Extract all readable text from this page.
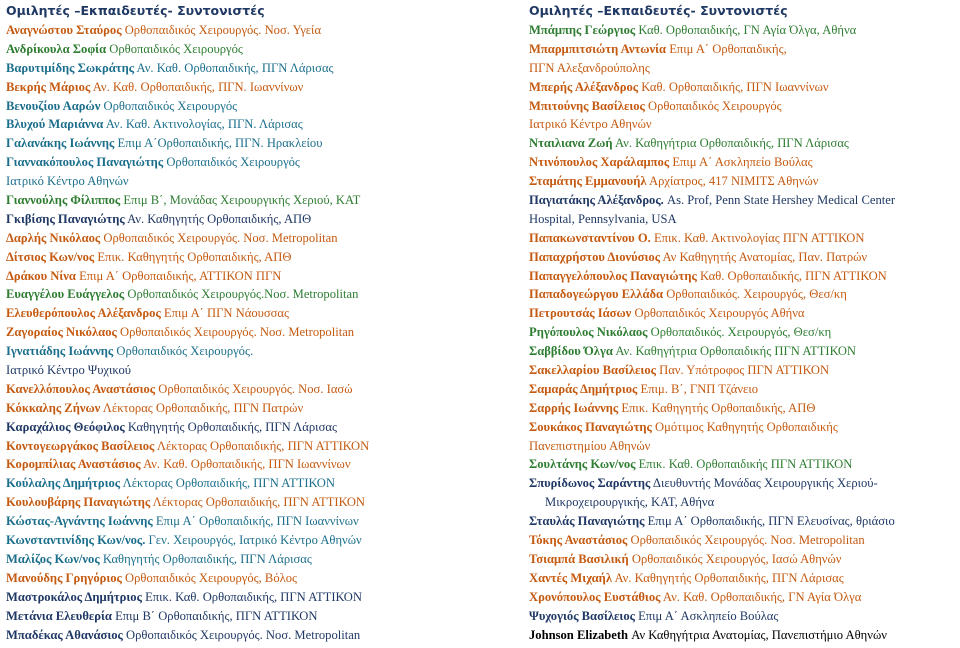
Ομιλητές –Εκπαιδευτές- Συντονιστές
Αναγνώστου Σταύρος Ορθοπαιδικός Χειρουργός. Νοσ. Υγεία
Ανδρίκουλα Σοφία Ορθοπαιδικός Χειρουργός
Βαρυτιμίδης Σωκράτης Αν. Καθ. Ορθοπαιδικής, ΠΓΝ Λάρισας
Βεκρής Μάριος Αν. Καθ. Ορθοπαιδικής, ΠΓΝ. Ιωαννίνων
Βενουζίου Ααρών Ορθοπαιδικός Χειρουργός
Βλυχού Μαριάννα Αν. Καθ. Ακτινολογίας, ΠΓΝ. Λάρισας
Γαλανάκης Ιωάννης Επιμ Α΄Ορθοπαιδικής, ΠΓΝ. Ηρακλείου
Γιαννακόπουλος Παναγιώτης Ορθοπαιδικός Χειρουργός
Ιατρικό Κέντρο Αθηνών
Γιαννούλης Φίλιππος Επιμ Β΄, Μονάδας Χειρουργικής Χεριού, ΚΑΤ
Γκιβίσης Παναγιώτης Αν. Καθηγητής Ορθοπαιδικής, ΑΠΘ
Δαρλής Νικόλαος Ορθοπαιδικός Χειρουργός. Νοσ. Metropolitan
Δίτσιος Κων/νος Επικ. Καθηγητής Ορθοπαιδικής, ΑΠΘ
Δράκου Νίνα Επιμ Α΄ Ορθοπαιδικής, ΑΤΤΙΚΟΝ ΠΓΝ
Ευαγγέλου Ευάγγελος Ορθοπαιδικός Χειρουργός.Νοσ. Metropolitan
Ελευθερόπουλος Αλέξανδρος Επιμ Α΄ ΠΓΝ Νάουσσας
Ζαγοραίος Νικόλαος Ορθοπαιδικός Χειρουργός. Νοσ. Metropolitan
Ιγνατιάδης Ιωάννης Ορθοπαιδικός Χειρουργός.
Ιατρικό Κέντρο Ψυχικού
Κανελλόπουλος Αναστάσιος Ορθοπαιδικός Χειρουργός. Νοσ. Ιασώ
Κόκκαλης Ζήνων Λέκτορας Ορθοπαιδικής, ΠΓΝ Πατρών
Καραχάλιος Θεόφιλος Καθηγητής Ορθοπαιδικής, ΠΓΝ Λάρισας
Κοντογεωργάκος Βασίλειος Λέκτορας Ορθοπαιδικής, ΠΓΝ ΑΤΤΙΚΟΝ
Κορομπίλιας Αναστάσιος Αν. Καθ. Ορθοπαιδικής, ΠΓΝ Ιωαννίνων
Κούλαλης Δημήτριος Λέκτορας Ορθοπαιδικής, ΠΓΝ ΑΤΤΙΚΟΝ
Κουλουβάρης Παναγιώτης Λέκτορας Ορθοπαιδικής, ΠΓΝ ΑΤΤΙΚΟΝ
Κώστας-Αγνάντης Ιωάννης Επιμ Α΄ Ορθοπαιδικής, ΠΓΝ Ιωαννίνων
Κωνσταντινίδης Κων/νος. Γεν. Χειρουργός, Ιατρικό Κέντρο Αθηνών
Μαλίζος Κων/νος Καθηγητής Ορθοπαιδικής, ΠΓΝ Λάρισας
Μανούδης Γρηγόριος Ορθοπαιδικός Χειρουργός, Βόλος
Μαστροκάλος Δημήτριος Επικ. Καθ. Ορθοπαιδικής, ΠΓΝ ΑΤΤΙΚΟΝ
Μετάνια Ελευθερία Επιμ Β΄ Ορθοπαιδικής, ΠΓΝ ΑΤΤΙΚΟΝ
Μπαδέκας Αθανάσιος Ορθοπαιδικός Χειρουργός. Νοσ. Metropolitan
Ομιλητές –Εκπαιδευτές- Συντονιστές
Μπάμπης Γεώργιος Καθ. Ορθοπαιδικής, ΓΝ Αγία Όλγα, Αθήνα
Μπαρμπιτσιώτη Αντωνία Επιμ Α΄ Ορθοπαιδικής,
ΠΓΝ Αλεξανδρούπολης
Μπερής Αλέξανδρος Καθ. Ορθοπαιδικής, ΠΓΝ Ιωαννίνων
Μπιτούνης Βασίλειος Ορθοπαιδικός Χειρουργός
Ιατρικό Κέντρο Αθηνών
Νταιλιανα Ζωή Αν. Καθηγήτρια Ορθοπαιδικής, ΠΓΝ Λάρισας
Ντινόπουλος Χαράλαμπος Επιμ Α΄ Ασκληπείο Βούλας
Σταμάτης Εμμανουήλ Αρχίατρος, 417 ΝΙΜΙΤΣ Αθηνών
Παγιατάκης Αλέξανδρος. As. Prof, Penn State Hershey Medical Center
Hospital, Pennsylvania, USA
Παπακωνσταντίνου Ο. Επικ. Καθ. Ακτινολογίας ΠΓΝ ΑΤΤΙΚΟΝ
Παπαχρήστου Διονύσιος Αν Καθηγητής Ανατομίας, Παν. Πατρών
Παπαγγελόπουλος Παναγιώτης Καθ. Ορθοπαιδικής, ΠΓΝ ΑΤΤΙΚΟΝ
Παπαδογεώργου Ελλάδα Ορθοπαιδικός. Χειρουργός, Θεσ/κη
Πετρουτσάς Ιάσων Ορθοπαιδικός Χειρουργός Αθήνα
Ρηγόπουλος Νικόλαος Ορθοπαιδικός. Χειρουργός, Θεσ/κη
Σαββίδου Όλγα Αν. Καθηγήτρια Ορθοπαιδικής ΠΓΝ ΑΤΤΙΚΟΝ
Σακελλαρίου Βασίλειος Παν. Υπότροφος ΠΓΝ ΑΤΤΙΚΟΝ
Σαμαράς Δημήτριος Επιμ. Β΄, ΓΝΠ Τζάνειο
Σαρρής Ιωάννης Επικ. Καθηγητής Ορθοπαιδικής, ΑΠΘ
Σουκάκος Παναγιώτης Ομότιμος Καθηγητής Ορθοπαιδικής
Πανεπιστημίου Αθηνών
Σουλτάνης Κων/νος Επικ. Καθ. Ορθοπαιδικής ΠΓΝ ΑΤΤΙΚΟΝ
Σπυρίδωνος Σαράντης Διευθυντής Μονάδας Χειρουργικής Χεριού-
Μικροχειρουργικής, ΚΑΤ, Αθήνα
Σταυλάς Παναγιώτης Επιμ Α΄ Ορθοπαιδικής, ΠΓΝ Ελευσίνας, θριάσιο
Τόκης Αναστάσιος Ορθοπαιδικός Χειρουργός. Νοσ. Metropolitan
Τσιαμπά Βασιλική Ορθοπαιδικός Χειρουργός, Ιασώ Αθηνών
Χαντές Μιχαήλ Αν. Καθηγητής Ορθοπαιδικής, ΠΓΝ Λάρισας
Χρονόπουλος Ευστάθιος Αν. Καθ. Ορθοπαιδικής, ΓΝ Αγία Όλγα
Ψυχογιός Βασίλειος Επιμ Α΄ Ασκληπείο Βούλας
Johnson Elizabeth Αν Καθηγήτρια Ανατομίας, Πανεπιστήμιο Αθηνών
